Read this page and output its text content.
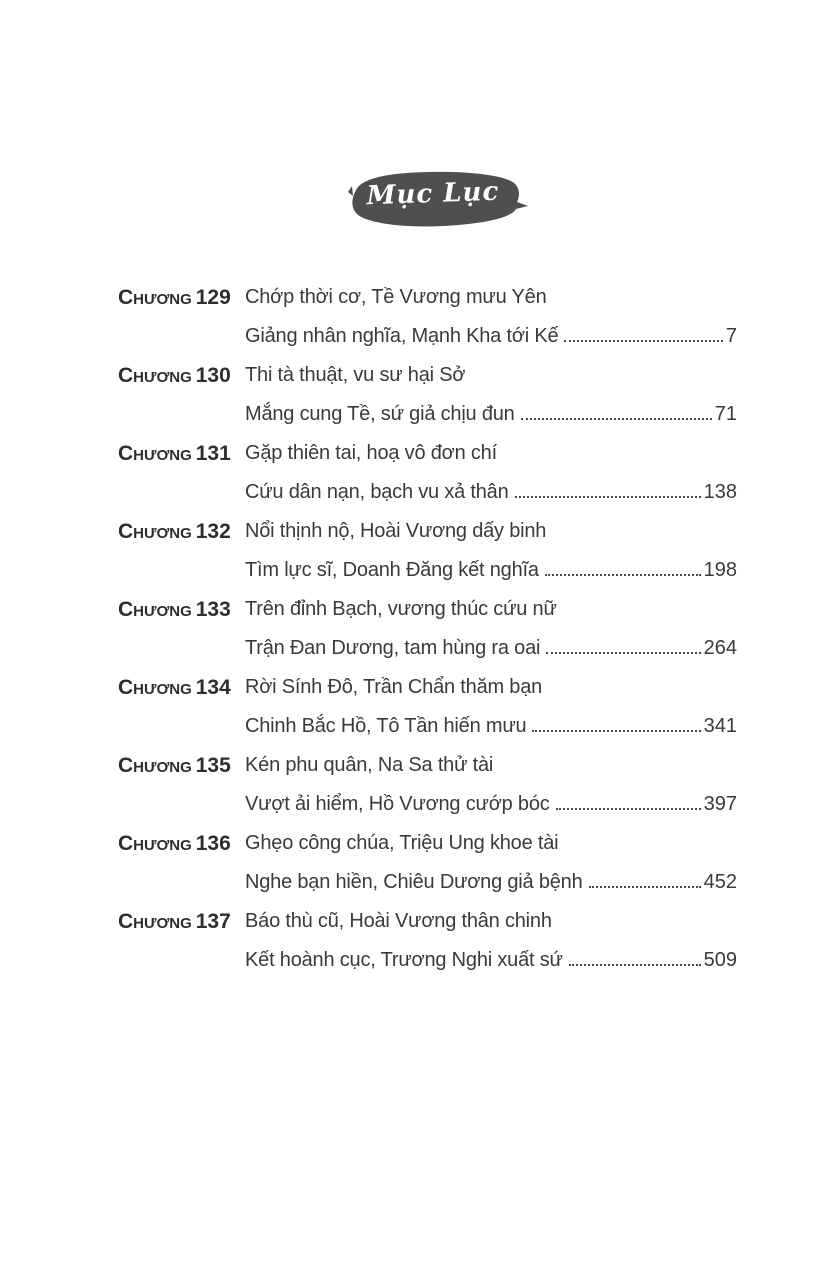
Mục Lục
Chương 129 Chớp thời cơ, Tề Vương mưu Yên
Giảng nhân nghĩa, Mạnh Kha tới Kế	7
Chương 130 Thi tà thuật, vu sư hại Sở
Mắng cung Tề, sứ giả chịu đun	71
Chương 131 Gặp thiên tai, hoạ vô đơn chí
Cứu dân nạn, bạch vu xả thân	138
Chương 132 Nổi thịnh nộ, Hoài Vương dấy binh
Tìm lực sĩ, Doanh Đăng kết nghĩa	198
Chương 133 Trên đỉnh Bạch, vương thúc cứu nữ
Trận Đan Dương, tam hùng ra oai	264
Chương 134 Rời Sính Đô, Trần Chẩn thăm bạn
Chinh Bắc Hồ, Tô Tần hiến mưu	341
Chương 135 Kén phu quân, Na Sa thử tài
Vượt ải hiểm, Hồ Vương cướp bóc	397
Chương 136 Ghẹo công chúa, Triệu Ung khoe tài
Nghe bạn hiền, Chiêu Dương giả bệnh	452
Chương 137 Báo thù cũ, Hoài Vương thân chinh
Kết hoành cục, Trương Nghi xuất sứ	509
